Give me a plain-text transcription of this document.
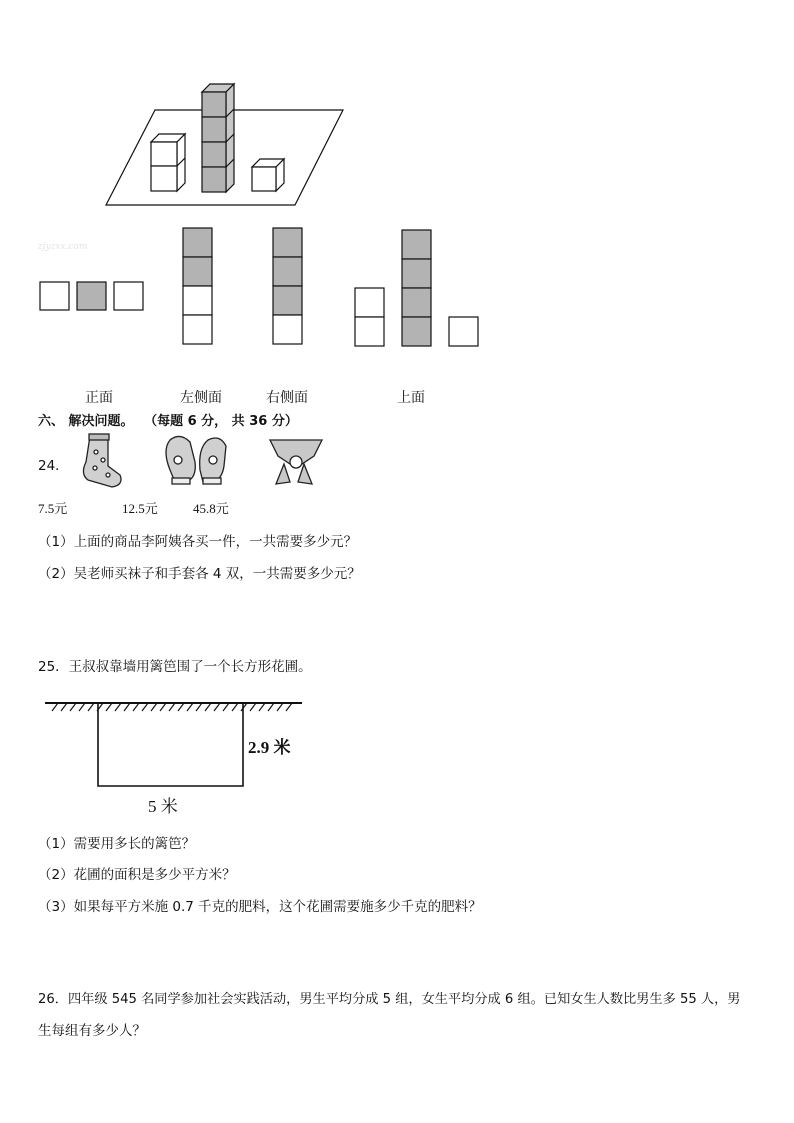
zjyzxx.com
正面	左侧面	右侧面	上面
六、 解决问题。 （每题 6 分， 共 36 分）
24．
7.5元	12.5元	45.8元
（1）上面的商品李阿姨各买一件，一共需要多少元？
（2）吴老师买袜子和手套各 4 双，一共需要多少元？
25．王叔叔靠墙用篱笆围了一个长方形花圃。
2.9 米
5 米
（1）需要用多长的篱笆？
（2）花圃的面积是多少平方米？
（3）如果每平方米施 0.7 千克的肥料，这个花圃需要施多少千克的肥料？
26．四年级 545 名同学参加社会实践活动，男生平均分成 5 组，女生平均分成 6 组。已知女生人数比男生多 55 人，男
生每组有多少人？
